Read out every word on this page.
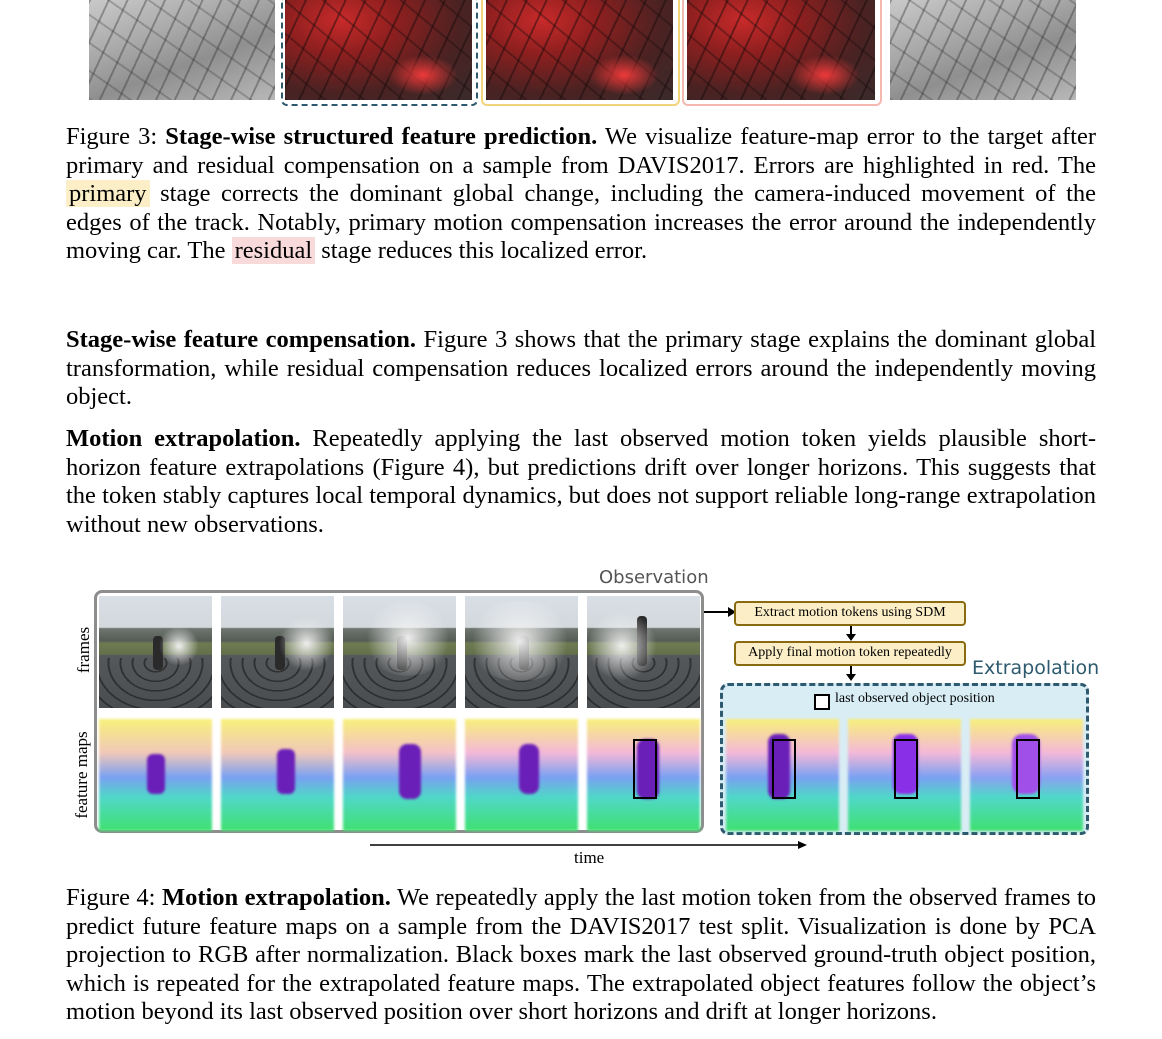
Figure 3: Stage-wise structured feature prediction. We visualize feature-map error to the target after primary and residual compensation on a sample from DAVIS2017. Errors are highlighted in red. The primary stage corrects the dominant global change, including the camera-induced movement of the edges of the track. Notably, primary motion compensation increases the error around the independently moving car. The residual stage reduces this localized error.
Stage-wise feature compensation. Figure 3 shows that the primary stage explains the dominant global transformation, while residual compensation reduces localized errors around the independently moving object.
Motion extrapolation. Repeatedly applying the last observed motion token yields plausible short-horizon feature extrapolations (Figure 4), but predictions drift over longer horizons. This suggests that the token stably captures local temporal dynamics, but does not support reliable long-range extrapolation without new observations.
Observation
frames
feature maps
Extract motion tokens using SDM
Apply final motion token repeatedly
Extrapolation
last observed object position
time
Figure 4: Motion extrapolation. We repeatedly apply the last motion token from the observed frames to predict future feature maps on a sample from the DAVIS2017 test split. Visualization is done by PCA projection to RGB after normalization. Black boxes mark the last observed ground-truth object position, which is repeated for the extrapolated feature maps. The extrapolated object features follow the object’s motion beyond its last observed position over short horizons and drift at longer horizons.
